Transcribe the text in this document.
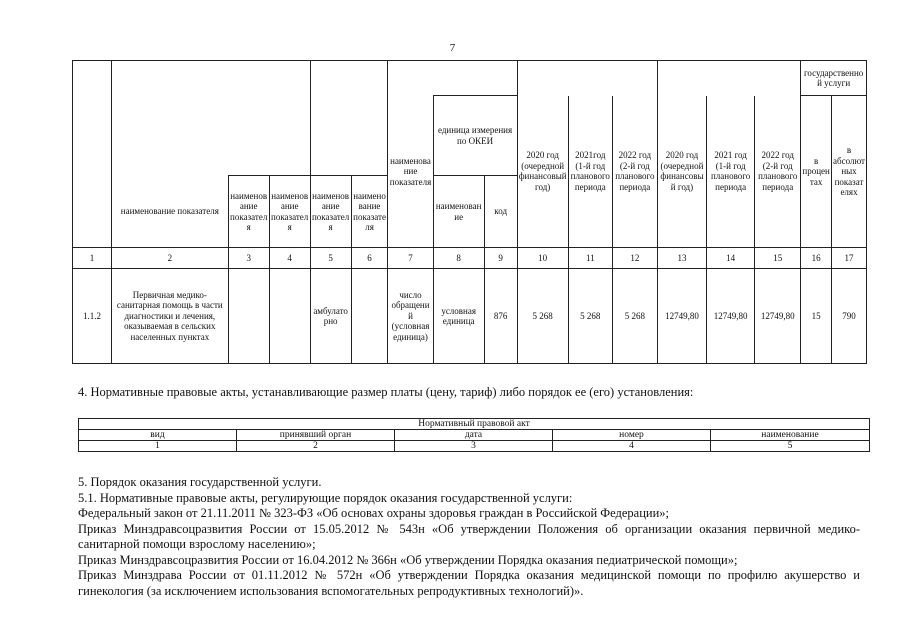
7
															государственной услуги	
						наименование показателя	единица измерения по ОКЕИ		2020 год (очередной финансовый год)	2021год (1-й год планового периода	2022 год (2-й год планового периода	2020 год (очередной финансовый год)	2021 год (1-й год планового периода	2022 год (2-й год планового периода	в процентах	в абсолютных показателях
	наименование показателя	наименование показателя	наименование показателя	наименование показателя	наименование показателя		наименование	код								
1	2	3	4	5	6	7	8	9	10	11	12	13	14	15	16	17
1.1.2	Первичная медико-санитарная помощь в части диагностики и лечения, оказываемая в сельских населенных пунктах			амбулаторно		число обращений (условная единица)	условная единица	876	5 268	5 268	5 268	12749,80	12749,80	12749,80	15	790
4. Нормативные правовые акты, устанавливающие размер платы (цену, тариф) либо порядок ее (его) установления:
Нормативный правовой акт				
вид	принявший орган	дата	номер	наименование
1	2	3	4	5

5. Порядок оказания государственной услуги.

5.1. Нормативные правовые акты, регулирующие порядок оказания государственной услуги:

Федеральный закон от 21.11.2011 № 323-ФЗ «Об основах охраны здоровья граждан в Российской Федерации»;

Приказ Минздравсоцразвития России от 15.05.2012 № 543н «Об утверждении Положения об организации оказания первичной медико-санитарной помощи взрослому населению»;

Приказ Минздравсоцразвития России от 16.04.2012 № 366н «Об утверждении Порядка оказания педиатрической помощи»;

Приказ Минздрава России от 01.11.2012 № 572н «Об утверждении Порядка оказания медицинской помощи по профилю акушерство и гинекология (за исключением использования вспомогательных репродуктивных технологий)».
